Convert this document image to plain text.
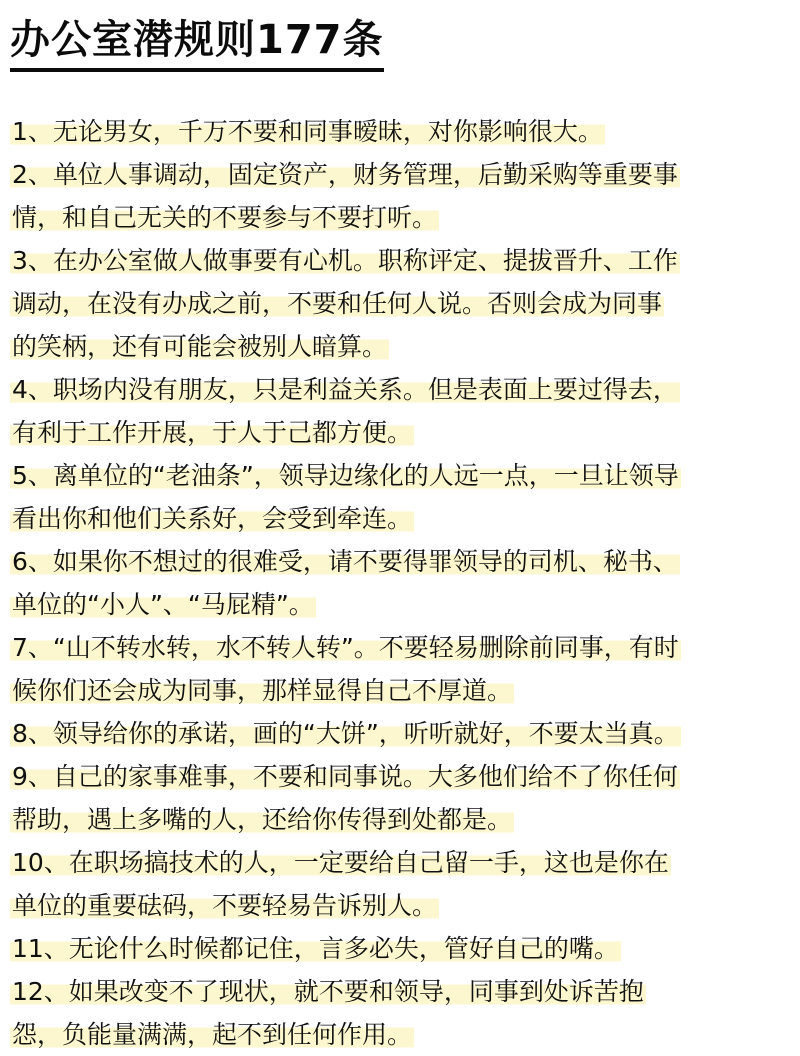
办公室潜规则177条
1、无论男女，千万不要和同事暧昧，对你影响很大。
2、单位人事调动，固定资产，财务管理，后勤采购等重要事
情，和自己无关的不要参与不要打听。
3、在办公室做人做事要有心机。职称评定、提拔晋升、工作
调动，在没有办成之前，不要和任何人说。否则会成为同事
的笑柄，还有可能会被别人暗算。
4、职场内没有朋友，只是利益关系。但是表面上要过得去，
有利于工作开展，于人于己都方便。
5、离单位的“老油条”，领导边缘化的人远一点，一旦让领导
看出你和他们关系好，会受到牵连。
6、如果你不想过的很难受，请不要得罪领导的司机、秘书、
单位的“小人”、“马屁精”。
7、“山不转水转，水不转人转”。不要轻易删除前同事，有时
候你们还会成为同事，那样显得自己不厚道。
8、领导给你的承诺，画的“大饼”，听听就好，不要太当真。
9、自己的家事难事，不要和同事说。大多他们给不了你任何
帮助，遇上多嘴的人，还给你传得到处都是。
10、在职场搞技术的人，一定要给自己留一手，这也是你在
单位的重要砝码，不要轻易告诉别人。
11、无论什么时候都记住，言多必失，管好自己的嘴。
12、如果改变不了现状，就不要和领导，同事到处诉苦抱
怨，负能量满满，起不到任何作用。
